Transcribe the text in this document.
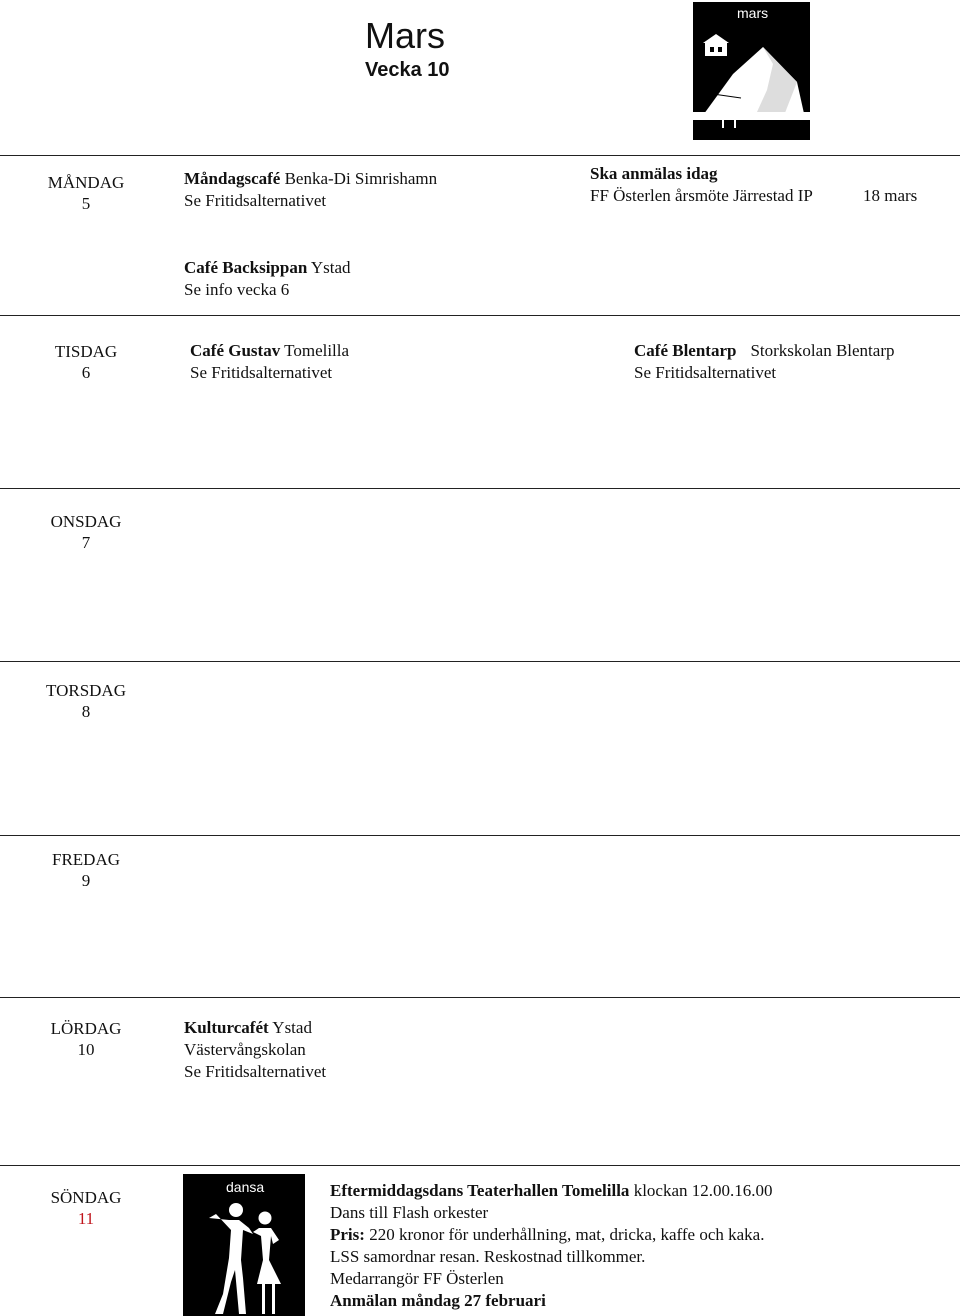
Mars
Vecka 10
mars
MÅNDAG
5
Måndagscafé Benka-Di Simrishamn
Se Fritidsalternativet
Ska anmälas idag
FF Österlen årsmöte Järrestad IP	18 mars
Café Backsippan Ystad
Se info vecka 6
TISDAG
6
Café Gustav Tomelilla
Se Fritidsalternativet
Café Blentarp Storkskolan Blentarp
Se Fritidsalternativet
ONSDAG
7
TORSDAG
8
FREDAG
9
LÖRDAG
10
Kulturcafét Ystad
Västervångskolan
Se Fritidsalternativet
SÖNDAG
11
dansa	Eftermiddagsdans Teaterhallen Tomelilla klockan 12.00.16.00
Dans till Flash orkester
Pris: 220 kronor för underhållning, mat, dricka, kaffe och kaka.
LSS samordnar resan. Reskostnad tillkommer.
Medarrangör FF Österlen
Anmälan måndag 27 februari
